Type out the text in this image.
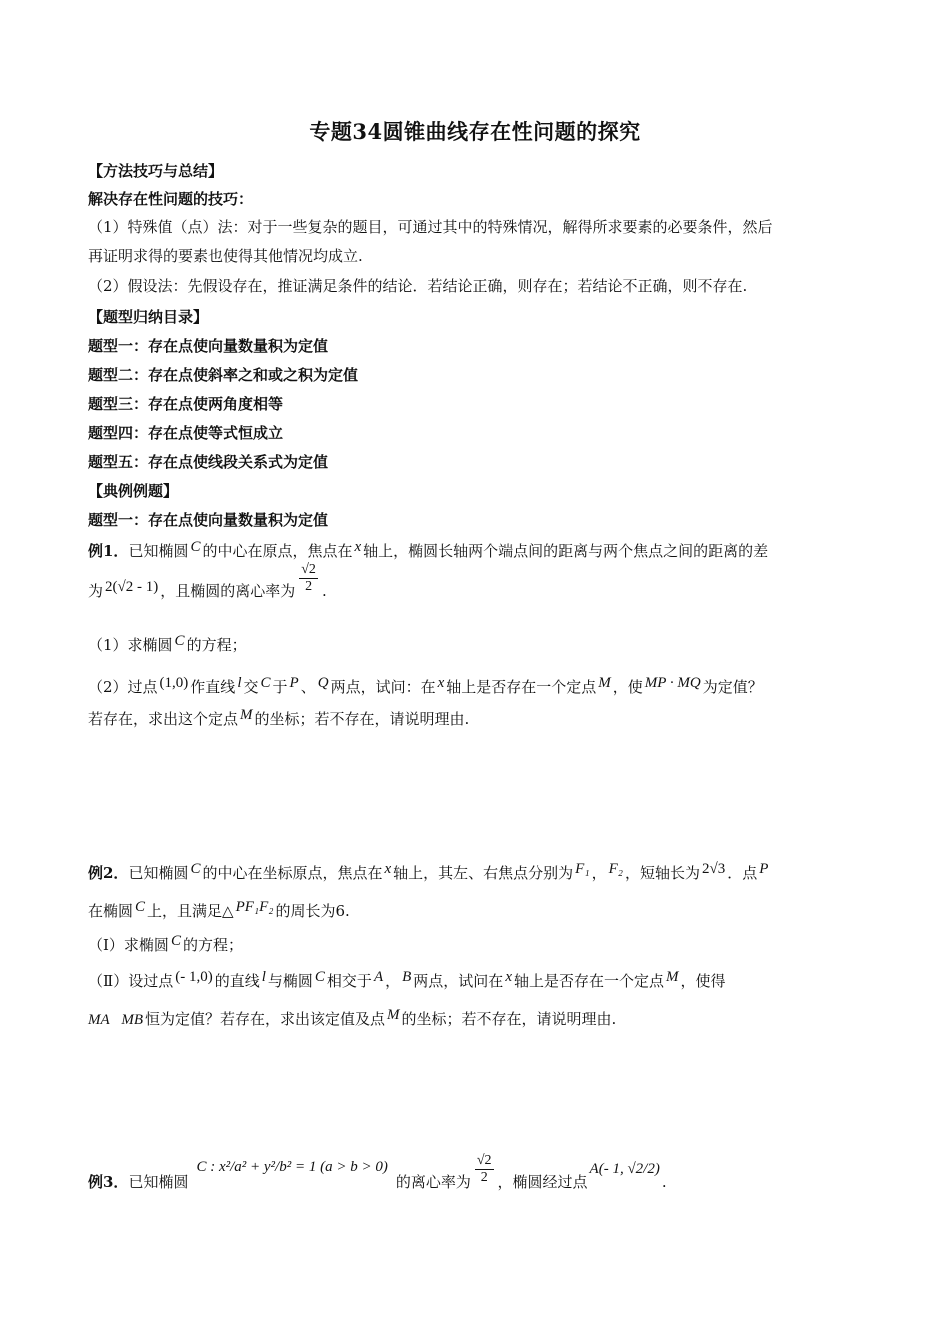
专题34圆锥曲线存在性问题的探究
【方法技巧与总结】
解决存在性问题的技巧：
（1）特殊值（点）法：对于一些复杂的题目，可通过其中的特殊情况，解得所求要素的必要条件，然后
再证明求得的要素也使得其他情况均成立.
（2）假设法：先假设存在，推证满足条件的结论．若结论正确，则存在；若结论不正确，则不存在.
【题型归纳目录】
题型一：存在点使向量数量积为定值
题型二：存在点使斜率之和或之积为定值
题型三：存在点使两角度相等
题型四：存在点使等式恒成立
题型五：存在点使线段关系式为定值
【典例例题】
题型一：存在点使向量数量积为定值
例1．已知椭圆 C 的中心在原点，焦点在 x 轴上，椭圆长轴两个端点间的距离与两个焦点之间的距离的差
为 2(√2 - 1) ，且椭圆的离心率为 $\frac{√2}{2}$ .
（1）求椭圆 C 的方程；
（2）过点 (1,0) 作直线 l 交 C 于 P 、 Q 两点，试问：在 x 轴上是否存在一个定点 M ，使 MP · MQ 为定值？
若存在，求出这个定点 M 的坐标；若不存在，请说明理由.
例2．已知椭圆 C 的中心在坐标原点，焦点在 x 轴上，其左、右焦点分别为 F₁ ， F₂ ，短轴长为 2√3 ．点 P
在椭圆 C 上，且满足△ PF₁F₂ 的周长为6.
（Ⅰ）求椭圆 C 的方程；
（Ⅱ）设过点 (- 1,0) 的直线 l 与椭圆 C 相交于 A ， B 两点，试问在 x 轴上是否存在一个定点 M ，使得
MA⃗MB 恒为定值？若存在，求出该定值及点 M 的坐标；若不存在，请说明理由.
例3．已知椭圆C : x²/a² + y²/b² = 1 (a > b > 0)的离心率为 $\frac{√2}{2}$ ，椭圆经过点A(- 1, √2/2).
